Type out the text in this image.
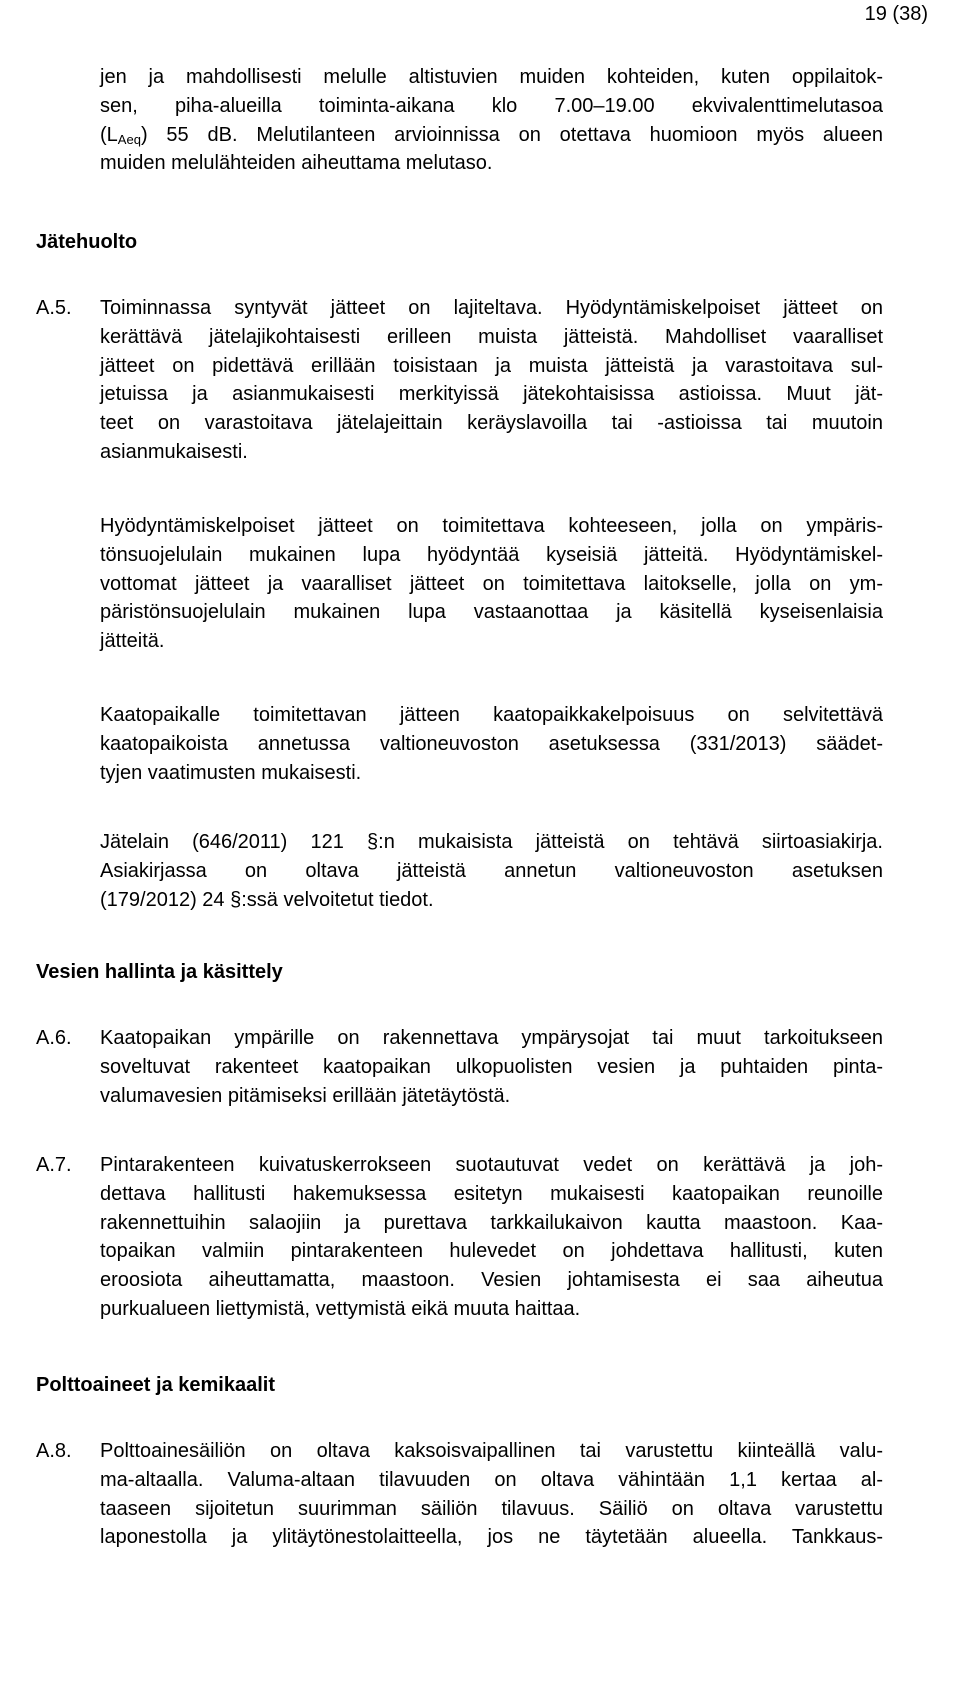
19 (38)
jen ja mahdollisesti melulle altistuvien muiden kohteiden, kuten oppilaitok-
sen, piha-alueilla toiminta-aikana klo 7.00–19.00 ekvivalenttimelutasoa
$(L_{Aeq})$ 55 dB. Melutilanteen arvioinnissa on otettava huomioon myös alueen
muiden melulähteiden aiheuttama melutaso.
Jätehuolto
A.5. Toiminnassa syntyvät jätteet on lajiteltava. Hyödyntämiskelpoiset jätteet on
kerättävä jätelajikohtaisesti erilleen muista jätteistä. Mahdolliset vaaralliset
jätteet on pidettävä erillään toisistaan ja muista jätteistä ja varastoitava sul-
jetuissa ja asianmukaisesti merkityissä jätekohtaisissa astioissa. Muut jät-
teet on varastoitava jätelajeittain keräyslavoilla tai -astioissa tai muutoin
asianmukaisesti.
Hyödyntämiskelpoiset jätteet on toimitettava kohteeseen, jolla on ympäris-
tönsuojelulain mukainen lupa hyödyntää kyseisiä jätteitä. Hyödyntämiskel-
vottomat jätteet ja vaaralliset jätteet on toimitettava laitokselle, jolla on ym-
päristönsuojelulain mukainen lupa vastaanottaa ja käsitellä kyseisenlaisia
jätteitä.
Kaatopaikalle toimitettavan jätteen kaatopaikkakelpoisuus on selvitettävä
kaatopaikoista annetussa valtioneuvoston asetuksessa (331/2013) säädet-
tyjen vaatimusten mukaisesti.
Jätelain (646/2011) 121 §:n mukaisista jätteistä on tehtävä siirtoasiakirja.
Asiakirjassa on oltava jätteistä annetun valtioneuvoston asetuksen
(179/2012) 24 §:ssä velvoitetut tiedot.
Vesien hallinta ja käsittely
A.6. Kaatopaikan ympärille on rakennettava ympärysojat tai muut tarkoitukseen
soveltuvat rakenteet kaatopaikan ulkopuolisten vesien ja puhtaiden pinta-
valumavesien pitämiseksi erillään jätetäytöstä.
A.7. Pintarakenteen kuivatuskerrokseen suotautuvat vedet on kerättävä ja joh-
dettava hallitusti hakemuksessa esitetyn mukaisesti kaatopaikan reunoille
rakennettuihin salaojiin ja purettava tarkkailukaivon kautta maastoon. Kaa-
topaikan valmiin pintarakenteen hulevedet on johdettava hallitusti, kuten
eroosiota aiheuttamatta, maastoon. Vesien johtamisesta ei saa aiheutua
purkualueen liettymistä, vettymistä eikä muuta haittaa.
Polttoaineet ja kemikaalit
A.8. Polttoainesäiliön on oltava kaksoisvaipallinen tai varustettu kiinteällä valu-
ma-altaalla. Valuma-altaan tilavuuden on oltava vähintään 1,1 kertaa al-
taaseen sijoitetun suurimman säiliön tilavuus. Säiliö on oltava varustettu
laponestolla ja ylitäytönestolaitteella, jos ne täytetään alueella. Tankkaus-
